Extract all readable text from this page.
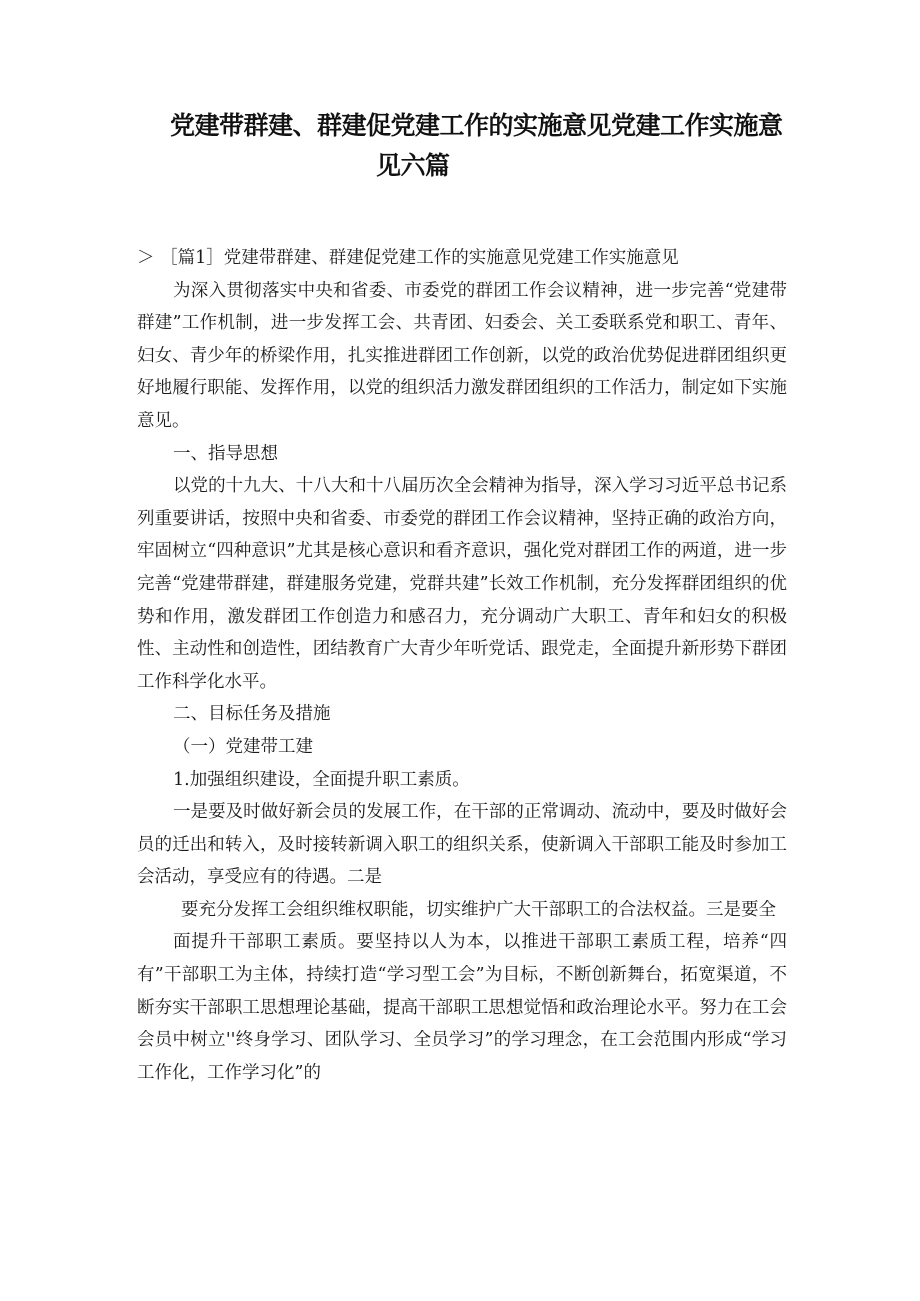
党建带群建、群建促党建工作的实施意见党建工作实施意
见六篇

＞ ［篇1］党建带群建、群建促党建工作的实施意见党建工作实施意见

为深入贯彻落实中央和省委、市委党的群团工作会议精神，进一步完善“党建带群建”工作机制，进一步发挥工会、共青团、妇委会、关工委联系党和职工、青年、妇女、青少年的桥梁作用，扎实推进群团工作创新，以党的政治优势促进群团组织更好地履行职能、发挥作用，以党的组织活力激发群团组织的工作活力，制定如下实施意见。

一、指导思想

以党的十九大、十八大和十八届历次全会精神为指导，深入学习习近平总书记系列重要讲话，按照中央和省委、市委党的群团工作会议精神，坚持正确的政治方向，牢固树立“四种意识”尤其是核心意识和看齐意识，强化党对群团工作的两道，进一步完善“党建带群建，群建服务党建，党群共建”长效工作机制，充分发挥群团组织的优势和作用，激发群团工作创造力和感召力，充分调动广大职工、青年和妇女的积极性、主动性和创造性，团结教育广大青少年听党话、跟党走，全面提升新形势下群团工作科学化水平。

二、目标任务及措施

（一）党建带工建

1.加强组织建设，全面提升职工素质。

一是要及时做好新会员的发展工作，在干部的正常调动、流动中，要及时做好会员的迁出和转入，及时接转新调入职工的组织关系，使新调入干部职工能及时参加工会活动，享受应有的待遇。二是

要充分发挥工会组织维权职能，切实维护广大干部职工的合法权益。三是要全

面提升干部职工素质。要坚持以人为本，以推进干部职工素质工程，培养“四有”干部职工为主体，持续打造“学习型工会”为目标，不断创新舞台，拓宽渠道，不断夯实干部职工思想理论基础，提高干部职工思想觉悟和政治理论水平。努力在工会会员中树立''终身学习、团队学习、全员学习”的学习理念，在工会范围内形成“学习工作化，工作学习化”的
